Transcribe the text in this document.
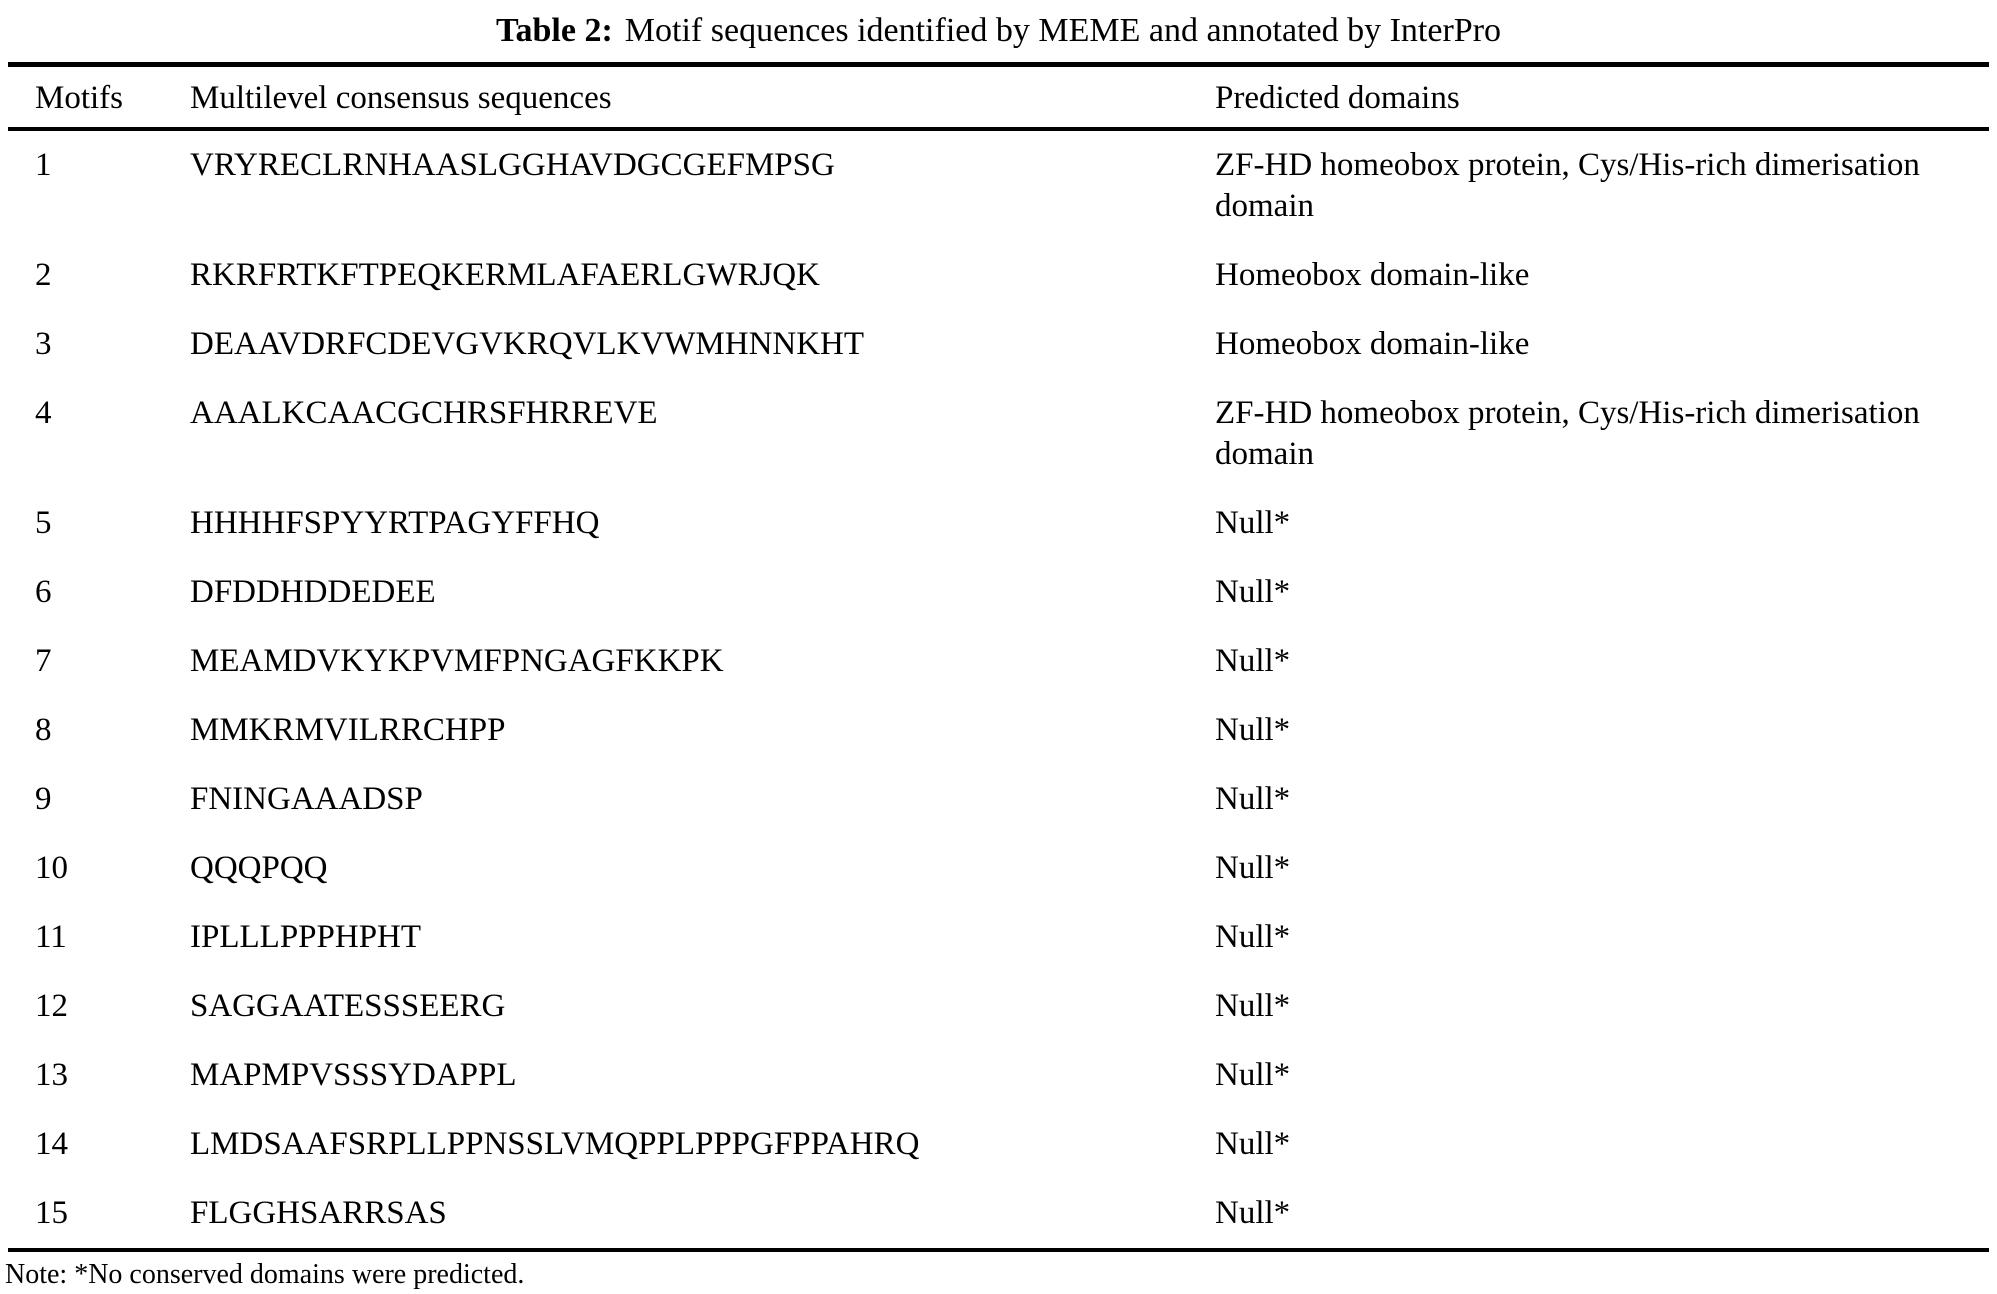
Table 2: Motif sequences identified by MEME and annotated by InterPro
Motifs	Multilevel consensus sequences	Predicted domains
1	VRYRECLRNHAASLGGHAVDGCGEFMPSG	ZF-HD homeobox protein, Cys/His-rich dimerisation domain
2	RKRFRTKFTPEQKERMLAFAERLGWRJQK	Homeobox domain-like
3	DEAAVDRFCDEVGVKRQVLKVWMHNNKHT	Homeobox domain-like
4	AAALKCAACGCHRSFHRREVE	ZF-HD homeobox protein, Cys/His-rich dimerisation domain
5	HHHHFSPYYRTPAGYFFHQ	Null*
6	DFDDHDDEDEE	Null*
7	MEAMDVKYKPVMFPNGAGFKKPK	Null*
8	MMKRMVILRRCHPP	Null*
9	FNINGAAADSP	Null*
10	QQQPQQ	Null*
11	IPLLLPPPHPHT	Null*
12	SAGGAATESSSEERG	Null*
13	MAPMPVSSSYDAPPL	Null*
14	LMDSAAFSRPLLPPNSSLVMQPPLPPPGFPPAHRQ	Null*
15	FLGGHSARRSAS	Null*
Note: *No conserved domains were predicted.
